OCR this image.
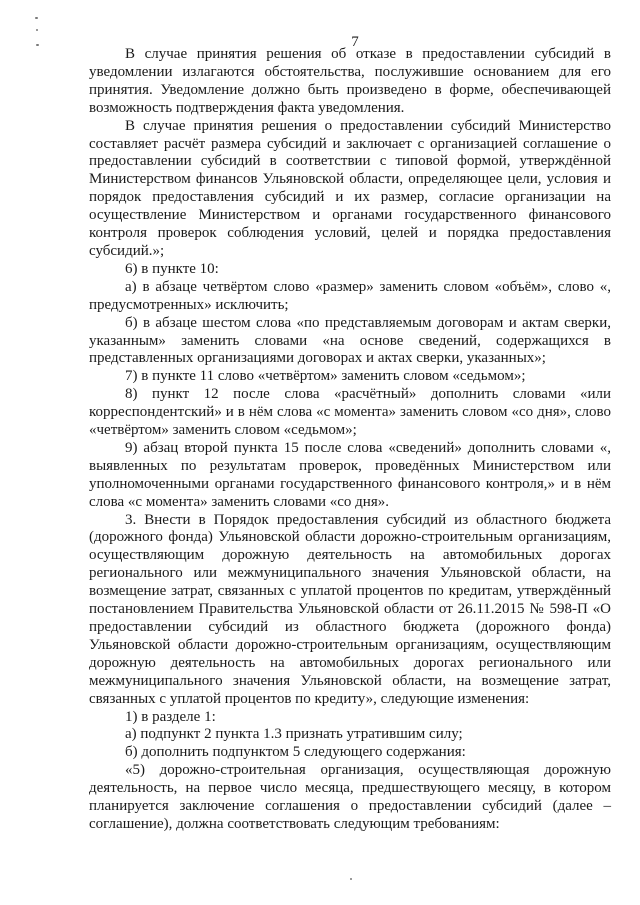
7

В случае принятия решения об отказе в предоставлении субсидий в уведомлении излагаются обстоятельства, послужившие основанием для его принятия. Уведомление должно быть произведено в форме, обеспечивающей возможность подтверждения факта уведомления.

В случае принятия решения о предоставлении субсидий Министерство составляет расчёт размера субсидий и заключает с организацией соглашение о предоставлении субсидий в соответствии с типовой формой, утверждённой Министерством финансов Ульяновской области, определяющее цели, условия и порядок предоставления субсидий и их размер, согласие организации на осуществление Министерством и органами государственного финансового контроля проверок соблюдения условий, целей и порядка предоставления субсидий.»;

6) в пункте 10:

а) в абзаце четвёртом слово «размер» заменить словом «объём», слово «, предусмотренных» исключить;

б) в абзаце шестом слова «по представляемым договорам и актам сверки, указанным» заменить словами «на основе сведений, содержащихся в представленных организациями договорах и актах сверки, указанных»;

7) в пункте 11 слово «четвёртом» заменить словом «седьмом»;

8) пункт 12 после слова «расчётный» дополнить словами «или корреспондентский» и в нём слова «с момента» заменить словом «со дня», слово «четвёртом» заменить словом «седьмом»;

9) абзац второй пункта 15 после слова «сведений» дополнить словами «, выявленных по результатам проверок, проведённых Министерством или уполномоченными органами государственного финансового контроля,» и в нём слова «с момента» заменить словами «со дня».

3. Внести в Порядок предоставления субсидий из областного бюджета (дорожного фонда) Ульяновской области дорожно-строительным организациям, осуществляющим дорожную деятельность на автомобильных дорогах регионального или межмуниципального значения Ульяновской области, на возмещение затрат, связанных с уплатой процентов по кредитам, утверждённый постановлением Правительства Ульяновской области от 26.11.2015 № 598-П «О предоставлении субсидий из областного бюджета (дорожного фонда) Ульяновской области дорожно-строительным организациям, осуществляющим дорожную деятельность на автомобильных дорогах регионального или межмуниципального значения Ульяновской области, на возмещение затрат, связанных с уплатой процентов по кредиту», следующие изменения:

1) в разделе 1:

а) подпункт 2 пункта 1.3 признать утратившим силу;

б) дополнить подпунктом 5 следующего содержания:

«5) дорожно-строительная организация, осуществляющая дорожную деятельность, на первое число месяца, предшествующего месяцу, в котором планируется заключение соглашения о предоставлении субсидий (далее – соглашение), должна соответствовать следующим требованиям:
